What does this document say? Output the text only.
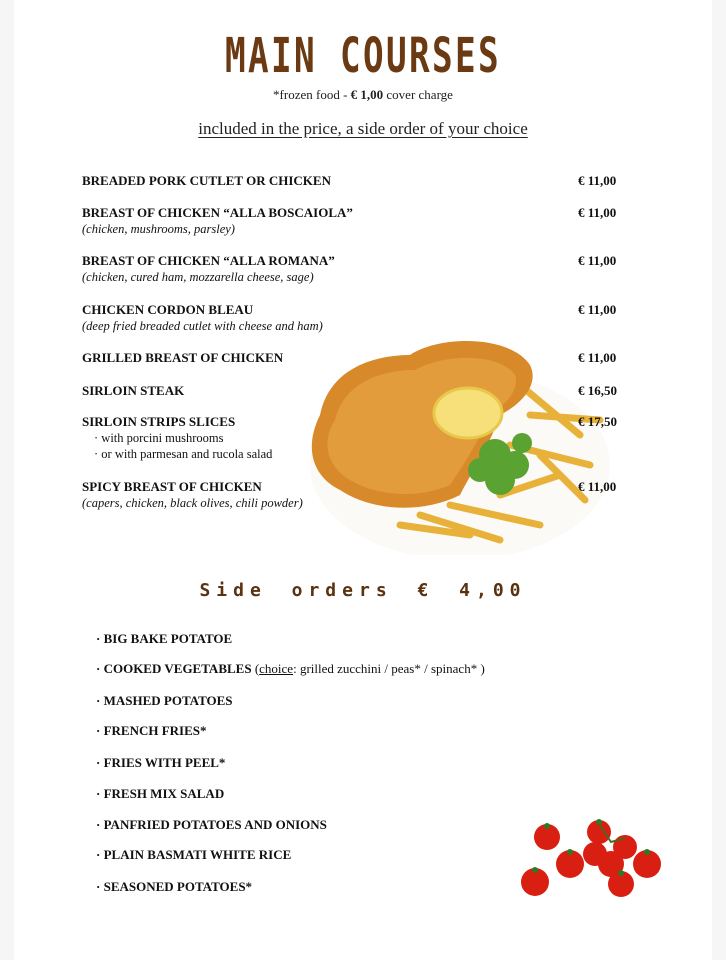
MAIN COURSES
*frozen food - € 1,00 cover charge
included in the price, a side order of your choice
BREADED PORK CUTLET OR CHICKEN	€ 11,00
BREAST OF CHICKEN “ALLA BOSCAIOLA”
(chicken, mushrooms, parsley)
€ 11,00
BREAST OF CHICKEN “ALLA ROMANA”
(chicken, cured ham, mozzarella cheese, sage)
€ 11,00
CHICKEN CORDON BLEAU
(deep fried breaded cutlet with cheese and ham)
€ 11,00
GRILLED BREAST OF CHICKEN	€ 11,00
SIRLOIN STEAK	€ 16,50
SIRLOIN STRIPS SLICES
· with porcini mushrooms
· or with parmesan and rucola salad
€ 17,50
SPICY BREAST OF CHICKEN
(capers, chicken, black olives, chili powder)
€ 11,00
Side orders € 4,00
· BIG BAKE POTATOE
· COOKED VEGETABLES (choice: grilled zucchini / peas* / spinach* )
· MASHED POTATOES
· FRENCH FRIES*
· FRIES WITH PEEL*
· FRESH MIX SALAD
· PANFRIED POTATOES AND ONIONS
· PLAIN BASMATI WHITE RICE
· SEASONED POTATOES*
